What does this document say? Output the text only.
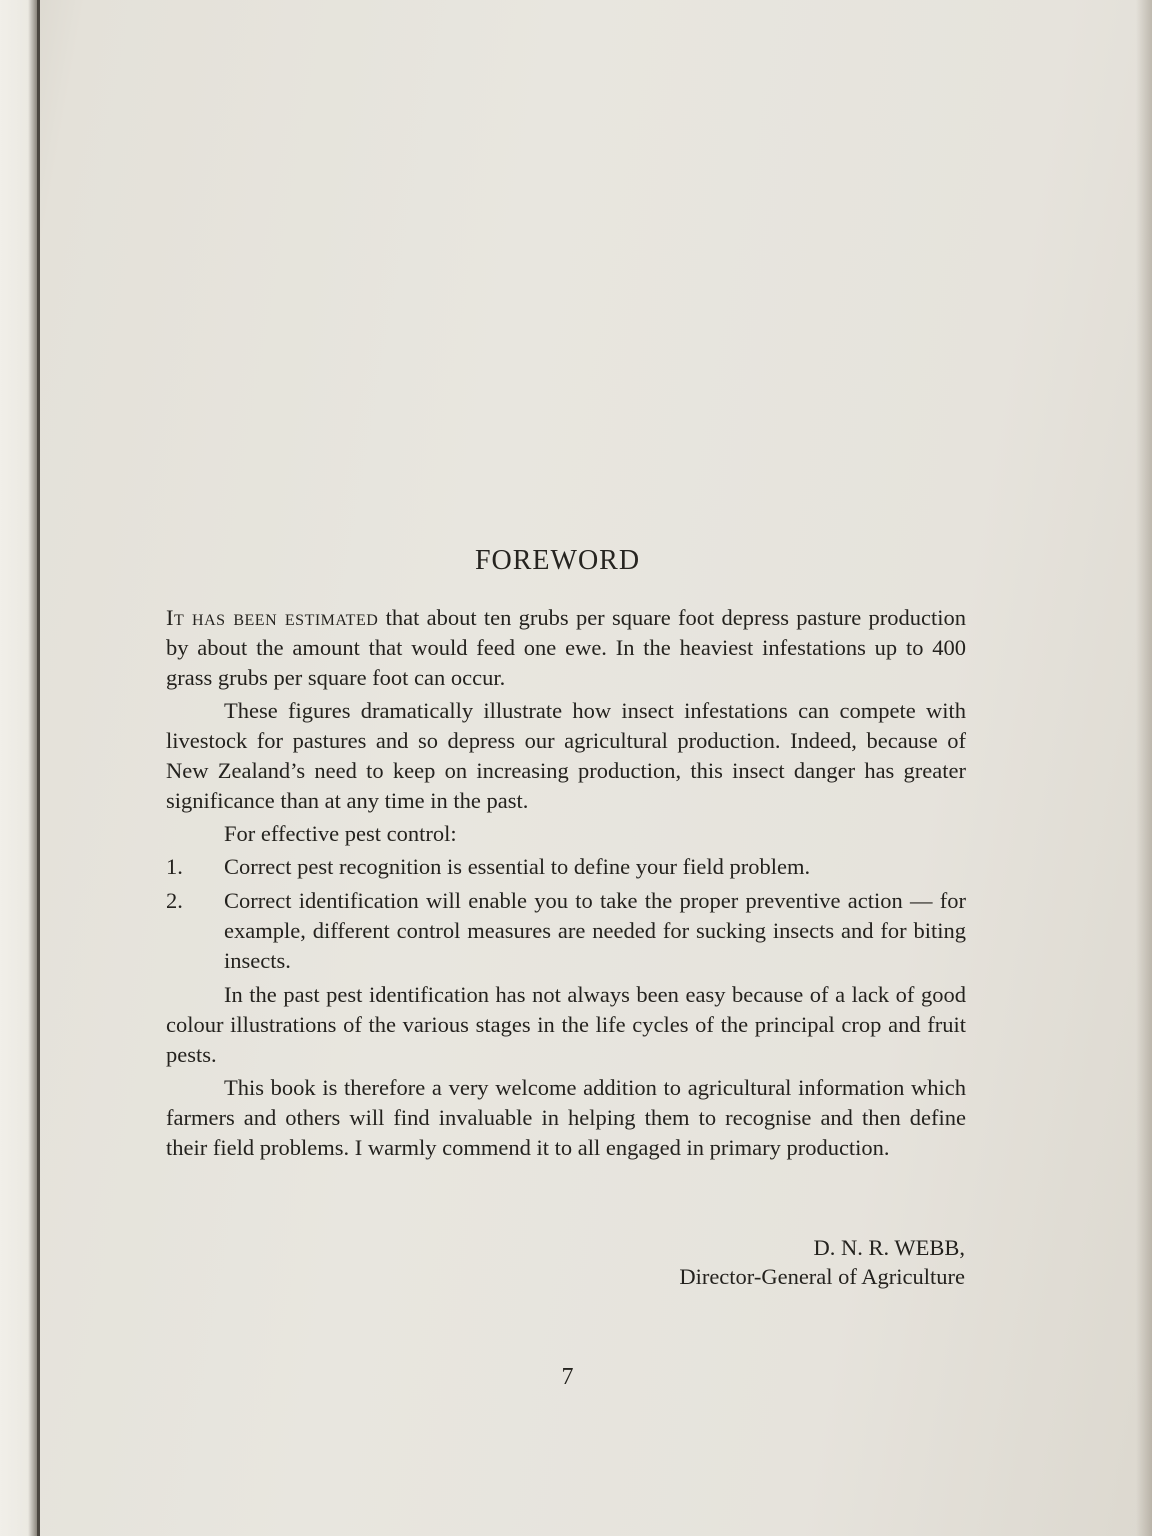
FOREWORD

It has been estimated that about ten grubs per square foot depress pasture production by about the amount that would feed one ewe. In the heaviest infestations up to 400 grass grubs per square foot can occur.

These figures dramatically illustrate how insect infestations can compete with livestock for pastures and so depress our agricultural production. Indeed, because of New Zealand’s need to keep on increasing production, this insect danger has greater significance than at any time in the past.

For effective pest control:

1.	Correct pest recognition is essential to define your field problem.
2.	Correct identification will enable you to take the proper preventive action — for example, different control measures are needed for sucking insects and for biting insects.

In the past pest identification has not always been easy because of a lack of good colour illustrations of the various stages in the life cycles of the principal crop and fruit pests.

This book is therefore a very welcome addition to agricultural information which farmers and others will find invaluable in helping them to recognise and then define their field problems. I warmly commend it to all engaged in primary production.

D. N. R. WEBB,
Director-General of Agriculture
7
